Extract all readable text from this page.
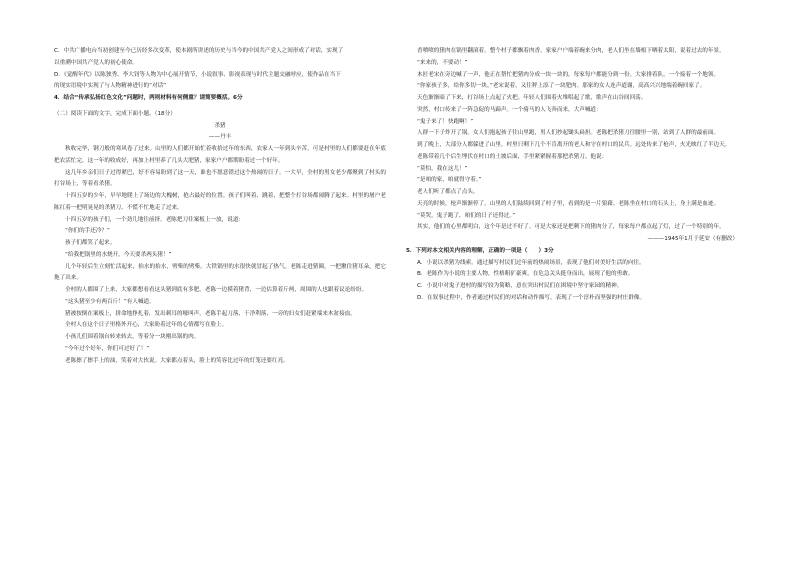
C．中共广播电台当初创建至今已历经多次变革，使本剧所讲述的历史与当今的中国共产党人之间形成了对话，实现了

以重溯中国共产党人的初心使命。

D．《觉醒年代》以陈独秀、李大钊等人物为中心展开情节，小说叙事、影视表现与时代主题交融呼应，使作品在当下

的现实语境中实现了与人物精神进行的“对话”

4．结合“传承弘扬红色文化”问题时，两则材料有何侧重？请简要概括。6分

（二）阅读下面的文字，完成下面小题。（18分）

杀猪

——丹丰

秋收完毕，钢刀般的寒风卷了过来。山里的人们都开始忙着收拾过年的东西，农家人一年到头辛苦，可是村里的人们都要赶在年底把农活忙完，这一年的收成好，再加上村里养了几头大肥猪，家家户户都期盼着过一个好年。

这几年乡亲们日子过得紧巴，好不容易盼到了这一天，谁也不愿意错过这个热闹的日子。一大早，全村的男女老少都聚到了村头的打谷场上，等着看杀猪。

十四五岁的少年，早早地爬上了场边的大槐树，抢占最好的位置。孩子们叫着、跳着，把整个打谷场都闹腾了起来。村里的屠户老陈扛着一把明晃晃的杀猪刀，不慌不忙地走了过来。

十四五岁的孩子们，一个劲儿地往前挤。老陈把刀往案板上一放，说道：

“你们的手还冷？”

孩子们都笑了起来。

“给我把锅里的水烧开。今天要杀两头猪！”

几个年轻后生立刻忙活起来，抬水的抬水，劈柴的劈柴。大铁锅里的水很快就冒起了热气。老陈走进猪圈，一把揪住猪耳朵，把它拖了出来。

全村的人都围了上来，大家都想看看这头猪到底有多肥。老陈一边摸着猪背，一边估算着斤两，周围的人也跟着议论纷纷。

“这头猪至少有两百斤！”有人喊道。

猪被按倒在案板上，拼命地挣扎着，发出刺耳的嚎叫声。老陈手起刀落，干净利落，一旁的妇女们赶紧端来木盆接血。

全村人在这个日子里格外开心，大家盼着过年的心情都写在脸上。

小孩儿们围着锅台转来转去，等着分一块刚出锅的肉。

“今年过个好年，你们可过好了！”

老陈擦了擦手上的油，笑着对大伙说。大家都点着头，脸上的笑容比过年的灯笼还要红亮。

香喷喷的猪肉在锅里翻滚着，整个村子都飘着肉香。家家户户端着碗来分肉，老人们坐在墙根下晒着太阳，说着过去的年景。

“来来的，不要动！”

木匠老宋在旁边喊了一声，他正在帮忙把猪肉分成一块一块的，每家每户都能分到一份。大家排着队，一个接着一个地领。

“你家孩子多，给你多切一块。”老宋说着，又往秤上添了一块肥肉。那家的女人连声道谢，高高兴兴地端着碗回家了。

天色渐渐暗了下来，打谷场上点起了火把。年轻人们围着火堆唱起了歌，歌声在山谷间回荡。

突然，村口传来了一阵急促的马蹄声。一个骑马的人飞奔而来，大声喊道：

“鬼子来了！快跑啊！”

人群一下子炸开了锅。女人们抱起孩子往山里跑，男人们抄起锄头扁担。老陈把杀猪刀往腰里一别，站到了人群的最前面。

到了晚上，大部分人都躲进了山里。村里只剩下几个不肯离开的老人和守在村口的民兵。远处传来了枪声，火光映红了半边天。

老陈带着几个后生埋伏在村口的土坡后面，手里紧紧握着那把杀猪刀。他说：

“莫怕，我在这儿！”

“是咱的家，咱就得守着。”

老人们听了都点了点头。

天亮的时候，枪声渐渐停了。山里的人们陆续回到了村子里，看到的是一片狼藉。老陈坐在村口的石头上，身上满是血迹。

“莫哭，鬼子跑了，咱们的日子还得过。”

其实，他们的心里都明白，这个年是过不好了。可是大家还是把剩下的猪肉分了，每家每户都点起了灯，过了一个特别的年。

———1945年1月于延安（有删改）

5．下列对本文相关内容的理解，正确的一项是（　　）3分

A．小说以杀猪为线索，通过描写村民们过年前的热闹场景，表现了他们对美好生活的向往。

B．老陈作为小说的主要人物，性格粗犷豪爽，在危急关头挺身而出，展现了他的勇敢。

C．小说中对鬼子进村的描写较为简略，意在突出村民们在困境中坚守家园的精神。

D．在叙事过程中，作者通过村民们的对话和动作描写，表现了一个淳朴而坚强的村庄群像。
